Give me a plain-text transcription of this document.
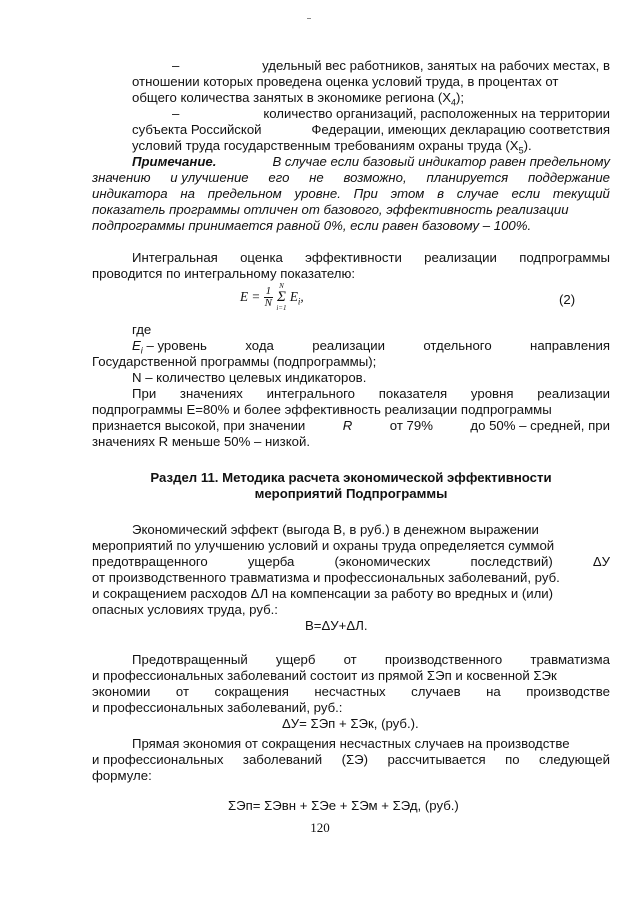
–	удельный вес работников, занятых на рабочих местах, в
отношении которых проведена оценка условий труда, в процентах от
общего количества занятых в экономике региона $(X_4)$;
–	количество организаций, расположенных на территории
субъекта Российской	Федерации, имеющих декларацию соответствия
условий труда государственным требованиям охраны труда $(X_5)$.
Примечание.	В случае если базовый индикатор равен предельному
значению и улучшение его не возможно, планируется поддержание
индикатора на предельном уровне. При этом в случае если текущий
показатель программы отличен от базового, эффективность реализации
подпрограммы принимается равной 0%, если равен базовому – 100%.
Интегральная оценка эффективности реализации подпрограммы
проводится по интегральному показателю:
$E = \frac{1}{N}$
N
Σ
i=1
$E_i$,	(2)
где
$E_i$ – уровень	хода	реализации	отдельного	направления
Государственной программы (подпрограммы);
N – количество целевых индикаторов.
При значениях интегрального показателя уровня реализации
подпрограммы E=80% и более эффективность реализации подпрограммы
признается высокой, при значении	R	от 79%	до 50% – средней, при
значениях R меньше 50% – низкой.
Раздел 11. Методика расчета экономической эффективности
мероприятий Подпрограммы
Экономический эффект (выгода В, в руб.) в денежном выражении
мероприятий по улучшению условий и охраны труда определяется суммой
предотвращенного	ущерба	(экономических	последствий)	ΔУ
от производственного травматизма и профессиональных заболеваний, руб.
и сокращением расходов ΔЛ на компенсации за работу во вредных и (или)
опасных условиях труда, руб.:
В=ΔУ+ΔЛ.
Предотвращенный ущерб от производственного травматизма
и профессиональных заболеваний состоит из прямой ΣЭп и косвенной ΣЭк
экономии от сокращения несчастных случаев на производстве
и профессиональных заболеваний, руб.:
ΔУ= ΣЭп + ΣЭк, (руб.).
Прямая экономия от сокращения несчастных случаев на производстве
и профессиональных заболеваний (ΣЭ) рассчитывается по следующей
формуле:
ΣЭп= ΣЭвн + ΣЭе + ΣЭм + ΣЭд, (руб.)
120
